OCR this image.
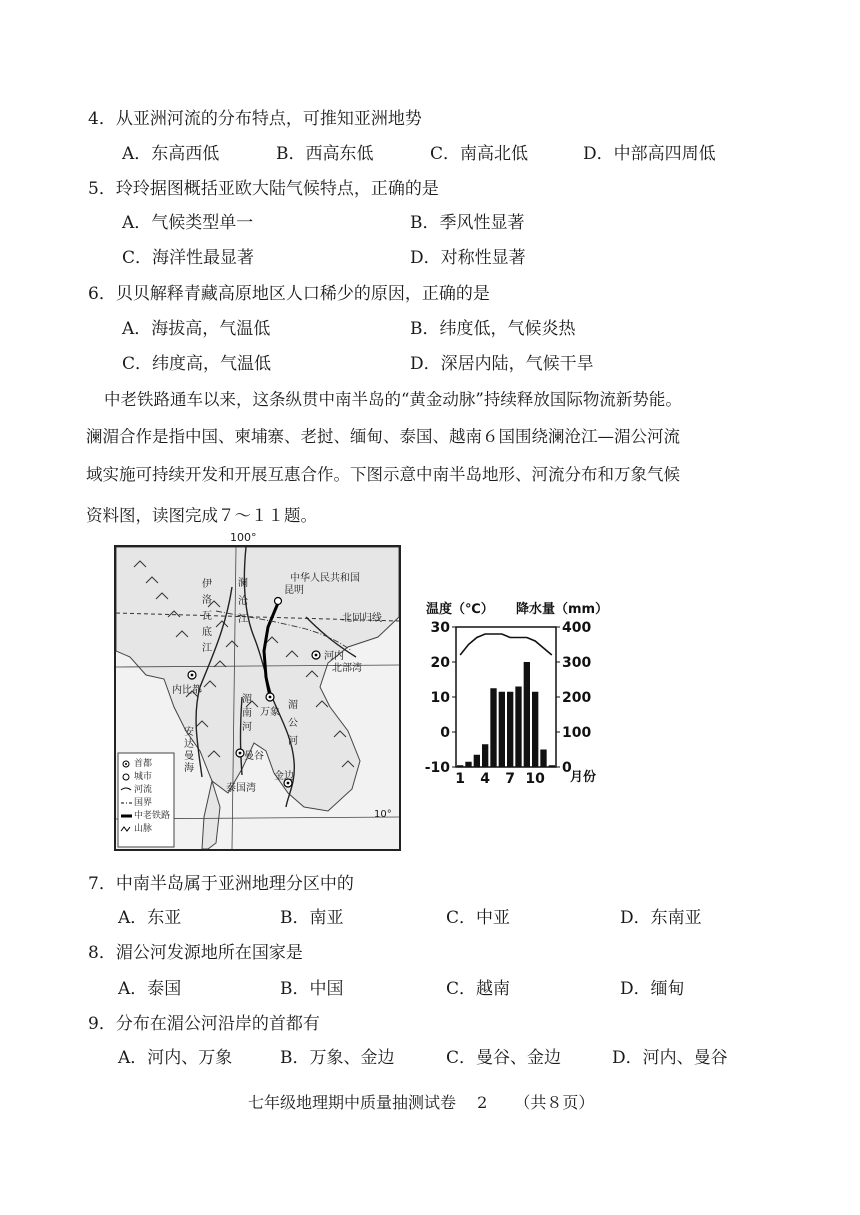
4．从亚洲河流的分布特点，可推知亚洲地势
A．东高西低	B．西高东低	C．南高北低	D．中部高四周低
5．玲玲据图概括亚欧大陆气候特点，正确的是
A．气候类型单一	B．季风性显著
C．海洋性最显著	D．对称性显著
6．贝贝解释青藏高原地区人口稀少的原因，正确的是
A．海拔高，气温低	B．纬度低，气候炎热
C．纬度高，气温低	D．深居内陆，气候干旱
中老铁路通车以来，这条纵贯中南半岛的“黄金动脉”持续释放国际物流新势能。
澜湄合作是指中国、柬埔寨、老挝、缅甸、泰国、越南６国围绕澜沧江—湄公河流
域实施可持续开发和开展互惠合作。下图示意中南半岛地形、河流分布和万象气候
资料图，读图完成７～１１题。
100°
中华人民共和国
昆明
北回归线
河内
北部湾
内比都
万象
曼谷
金边
泰国湾
安
达
曼
海
伊
洛
瓦
底
江
澜
沧
江
湄
公
河
湄
南
河
首都
城市
河流
国界
中老铁路
山脉
10°
温度（℃） 降水量（mm）
月份
30
20
10
0
-10
400
300
200
100
0
1 4 7 10
7．中南半岛属于亚洲地理分区中的
A．东亚	B．南亚	C．中亚	D．东南亚
8．湄公河发源地所在国家是
A．泰国	B．中国	C．越南	D．缅甸
9．分布在湄公河沿岸的首都有
A．河内、万象	B．万象、金边	C．曼谷、金边	D．河内、曼谷
七年级地理期中质量抽测试卷 2 （共８页）
